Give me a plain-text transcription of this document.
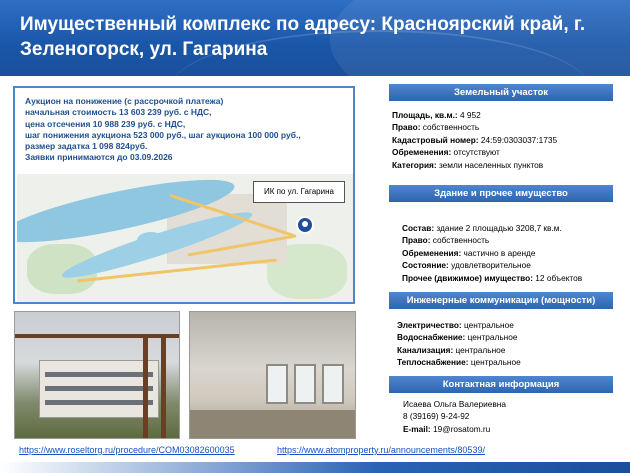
Имущественный комплекс по адресу: Красноярский край, г. Зеленогорск, ул. Гагарина
Аукцион на понижение (с рассрочкой платежа)
начальная стоимость 13 603 239 руб. с НДС,
цена отсечения 10 988 239 руб. с НДС,
шаг понижения аукциона 523 000 руб., шаг аукциона 100 000 руб.,
размер задатка 1 098 824руб.
Заявки принимаются до 03.09.2026
ИК по ул. Гагарина
Земельный участок
Площадь, кв.м.: 4 952
Право: собственность
Кадастровый номер: 24:59:0303037:1735
Обременения: отсутствуют
Категория: земли населенных пунктов
Здание и прочее имущество
Состав: здание 2 площадью 3208,7 кв.м.
Право: собственность
Обременения: частично в аренде
Состояние: удовлетворительное
Прочее (движимое) имущество: 12 объектов
Инженерные коммуникации (мощности)
Электричество: центральное
Водоснабжение: центральное
Канализация: центральное
Теплоснабжение: центральное
Контактная информация
Исаева Ольга Валериевна
8 (39169) 9-24-92
E-mail: 19@rosatom.ru
https://www.roseltorg.ru/procedure/COM03082600035	https://www.atomproperty.ru/announcements/80539/
